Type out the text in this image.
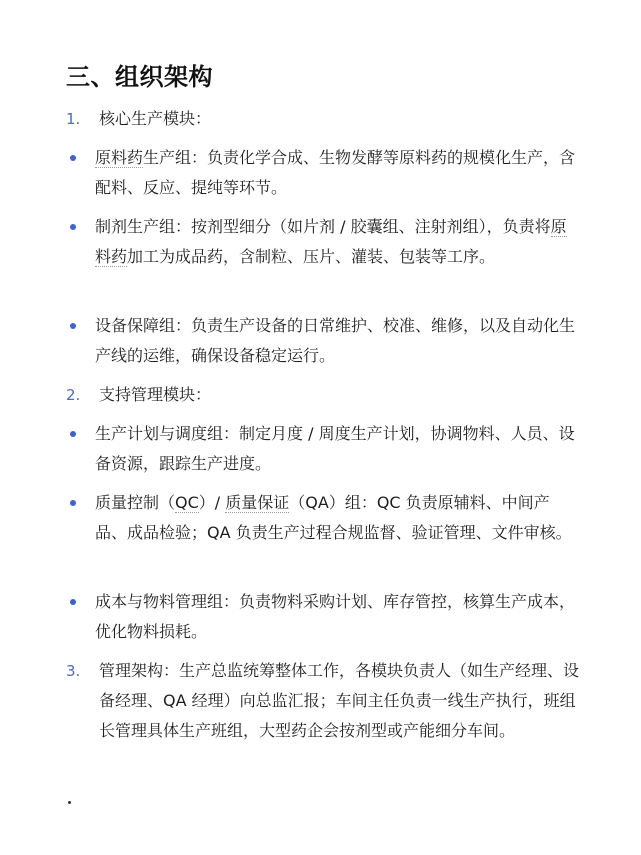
三、组织架构
1. 核心生产模块：
原料药生产组：负责化学合成、生物发酵等原料药的规模化生产，含配料、反应、提纯等环节。
制剂生产组：按剂型细分（如片剂 / 胶囊组、注射剂组），负责将原料药加工为成品药，含制粒、压片、灌装、包装等工序。
设备保障组：负责生产设备的日常维护、校准、维修，以及自动化生产线的运维，确保设备稳定运行。
2. 支持管理模块：
生产计划与调度组：制定月度 / 周度生产计划，协调物料、人员、设备资源，跟踪生产进度。
质量控制（QC）/ 质量保证（QA）组：QC 负责原辅料、中间产品、成品检验；QA 负责生产过程合规监督、验证管理、文件审核。
成本与物料管理组：负责物料采购计划、库存管控，核算生产成本，优化物料损耗。
3. 管理架构：生产总监统筹整体工作，各模块负责人（如生产经理、设备经理、QA 经理）向总监汇报；车间主任负责一线生产执行，班组长管理具体生产班组，大型药企会按剂型或产能细分车间。
